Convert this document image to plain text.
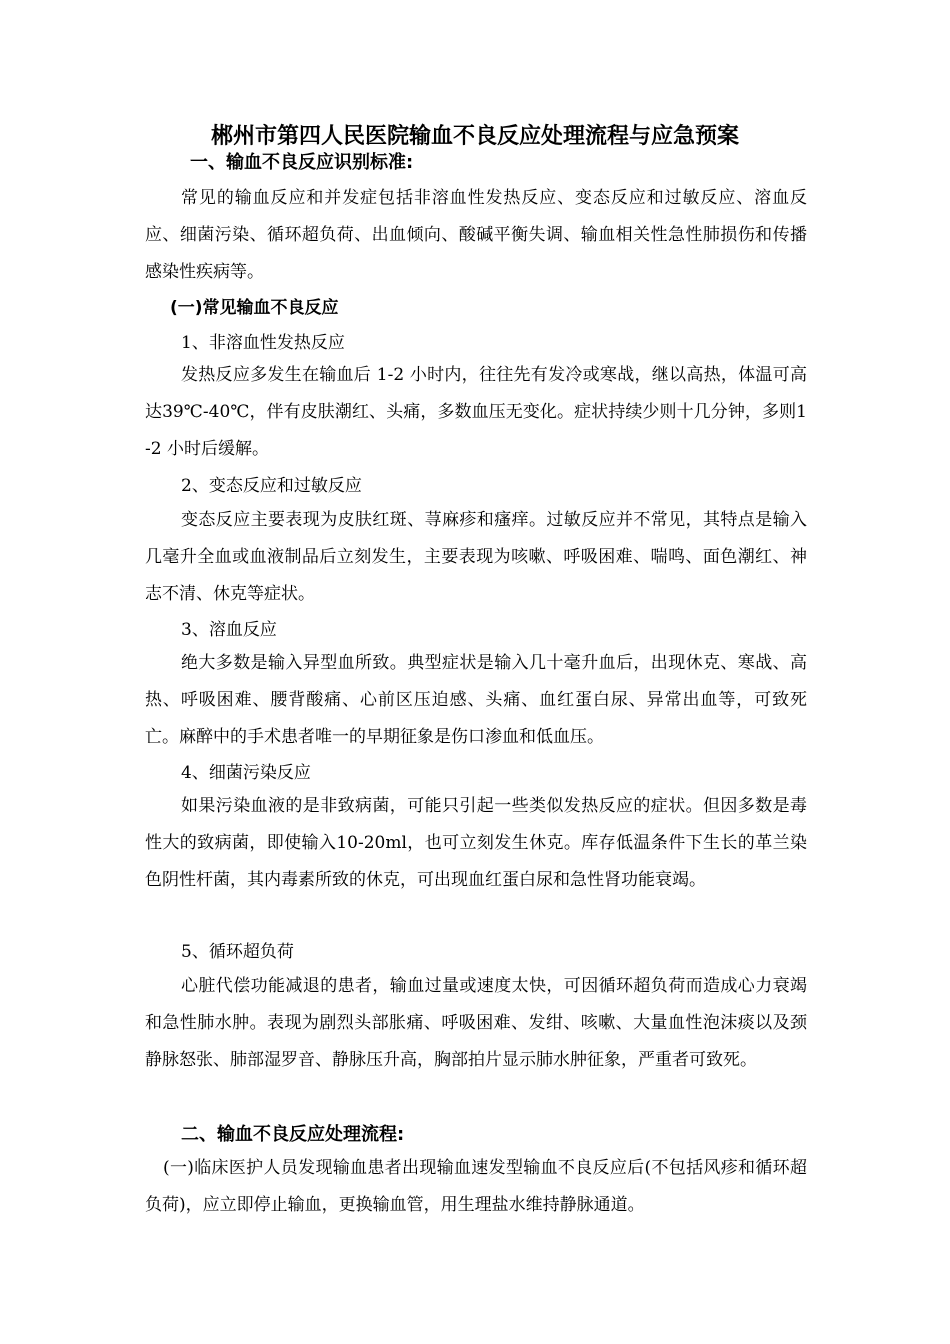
郴州市第四人民医院输血不良反应处理流程与应急预案
一、输血不良反应识别标准:
常见的输血反应和并发症包括非溶血性发热反应、变态反应和过敏反应、溶血反应、细菌污染、循环超负荷、出血倾向、酸碱平衡失调、输血相关性急性肺损伤和传播感染性疾病等。
(一)常见输血不良反应
1、非溶血性发热反应
发热反应多发生在输血后 1-2 小时内，往往先有发冷或寒战，继以高热，体温可高达39℃-40℃，伴有皮肤潮红、头痛，多数血压无变化。症状持续少则十几分钟，多则1-2 小时后缓解。
2、变态反应和过敏反应
变态反应主要表现为皮肤红斑、荨麻疹和瘙痒。过敏反应并不常见，其特点是输入几毫升全血或血液制品后立刻发生，主要表现为咳嗽、呼吸困难、喘鸣、面色潮红、神志不清、休克等症状。
3、溶血反应
绝大多数是输入异型血所致。典型症状是输入几十毫升血后，出现休克、寒战、高热、呼吸困难、腰背酸痛、心前区压迫感、头痛、血红蛋白尿、异常出血等，可致死亡。麻醉中的手术患者唯一的早期征象是伤口渗血和低血压。
4、细菌污染反应
如果污染血液的是非致病菌，可能只引起一些类似发热反应的症状。但因多数是毒性大的致病菌，即使输入10-20ml，也可立刻发生休克。库存低温条件下生长的革兰染色阴性杆菌，其内毒素所致的休克，可出现血红蛋白尿和急性肾功能衰竭。
5、循环超负荷
心脏代偿功能减退的患者，输血过量或速度太快，可因循环超负荷而造成心力衰竭和急性肺水肿。表现为剧烈头部胀痛、呼吸困难、发绀、咳嗽、大量血性泡沫痰以及颈静脉怒张、肺部湿罗音、静脉压升高，胸部拍片显示肺水肿征象，严重者可致死。
二、输血不良反应处理流程:
(一)临床医护人员发现输血患者出现输血速发型输血不良反应后(不包括风疹和循环超负荷)，应立即停止输血，更换输血管，用生理盐水维持静脉通道。
